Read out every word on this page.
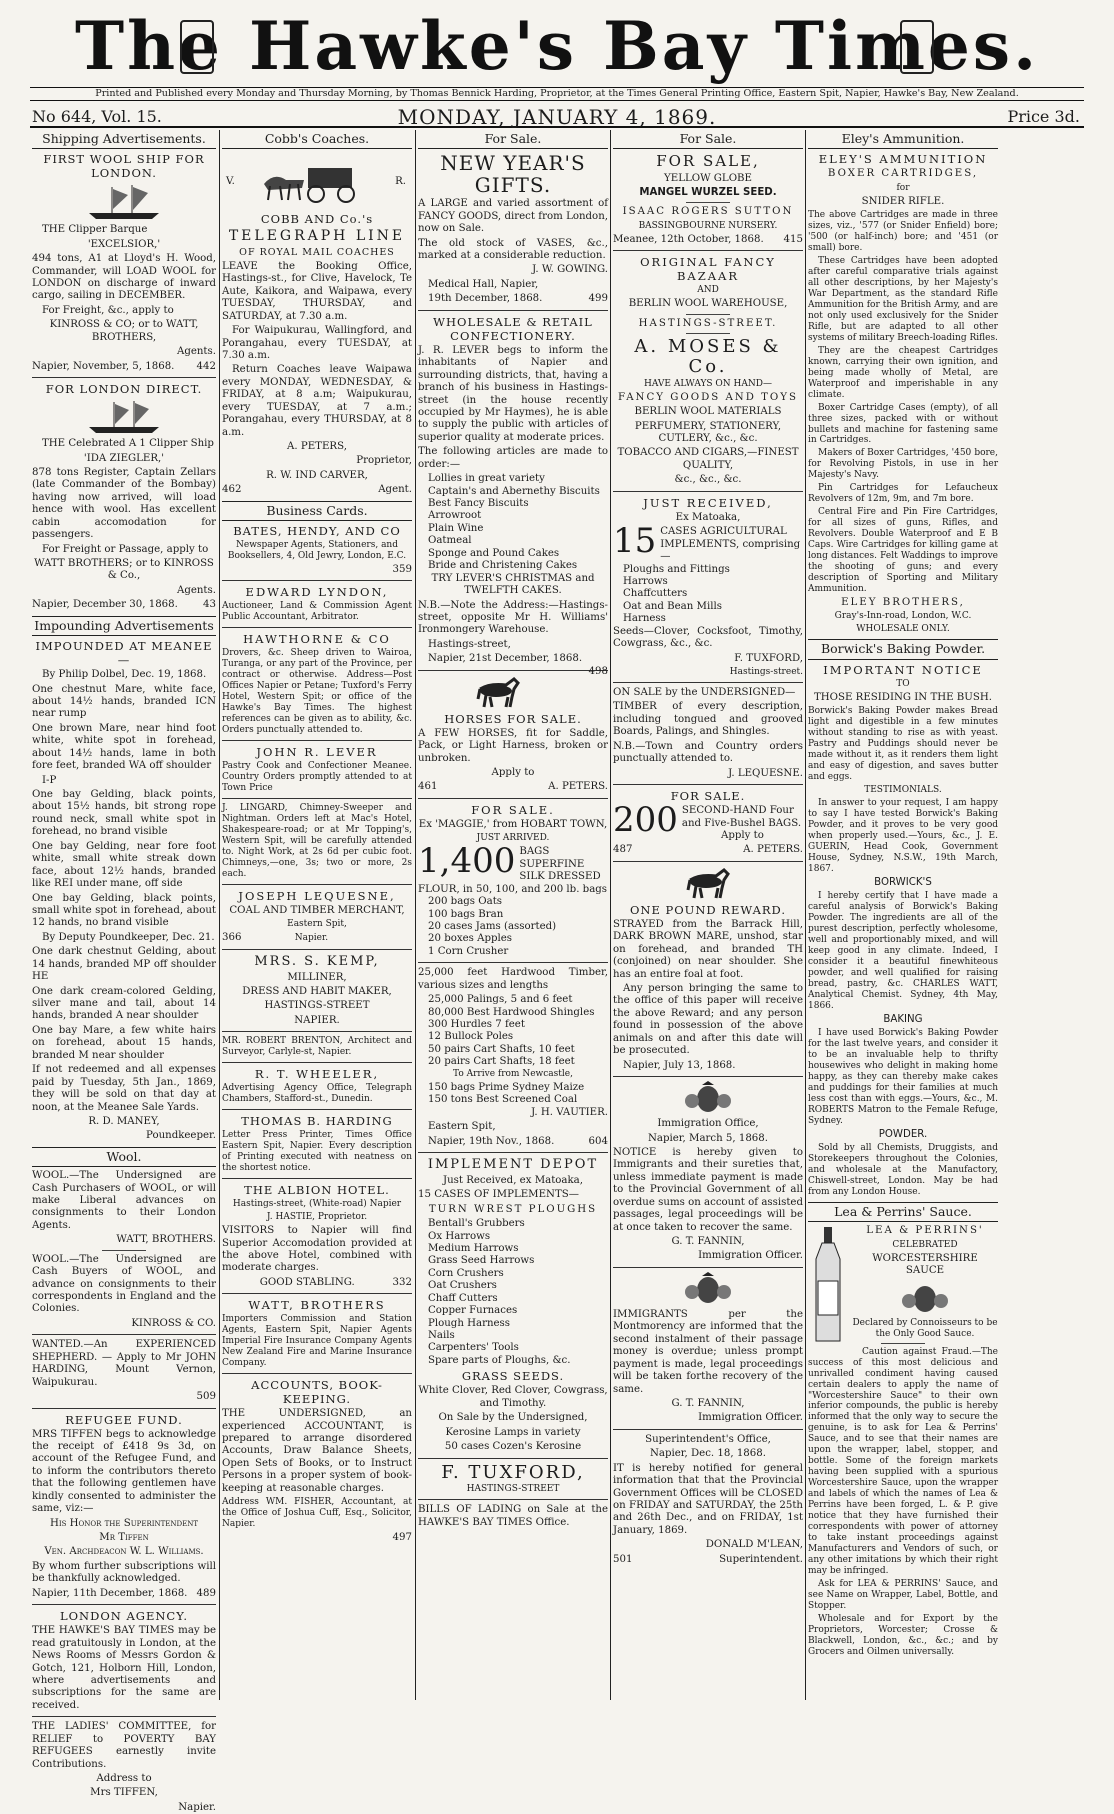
The Hawke's Bay Times.
Printed and Published every Monday and Thursday Morning, by Thomas Bennick Harding, Proprietor, at the Times General Printing Office, Eastern Spit, Napier, Hawke's Bay, New Zealand.
No 644, Vol. 15.	MONDAY, JANUARY 4, 1869.	Price 3d.
Shipping Advertisements.
FIRST WOOL SHIP FOR LONDON.

THE Clipper Barque

'EXCELSIOR,'

494 tons, A1 at Lloyd's H. Wood, Commander, will LOAD WOOL for LONDON on discharge of inward cargo, sailing in DECEMBER.

For Freight, &c., apply to

KINROSS & CO; or to WATT, BROTHERS,

Agents.

Napier, November, 5, 1868. 442

FOR LONDON DIRECT.

THE Celebrated A 1 Clipper Ship

'IDA ZIEGLER,'

878 tons Register, Captain Zellars (late Commander of the Bombay) having now arrived, will load hence with wool. Has excellent cabin accomodation for passengers.

For Freight or Passage, apply to

WATT BROTHERS; or to KINROSS & Co.,

Agents.

Napier, December 30, 1868. 43

Impounding Advertisements
IMPOUNDED AT MEANEE—

By Philip Dolbel, Dec. 19, 1868.

One chestnut Mare, white face, about 14½ hands, branded ICN near rump

One brown Mare, near hind foot white, white spot in forehead, about 14½ hands, lame in both fore feet, branded WA off shoulder

I-P

One bay Gelding, black points, about 15½ hands, bit strong rope round neck, small white spot in forehead, no brand visible

One bay Gelding, near fore foot white, small white streak down face, about 12½ hands, branded like REI under mane, off side

One bay Gelding, black points, small white spot in forehead, about 12 hands, no brand visible

By Deputy Poundkeeper, Dec. 21.

One dark chestnut Gelding, about 14 hands, branded MP off shoulder HE

One dark cream-colored Gelding, silver mane and tail, about 14 hands, branded A near shoulder

One bay Mare, a few white hairs on forehead, about 15 hands, branded M near shoulder

If not redeemed and all expenses paid by Tuesday, 5th Jan., 1869, they will be sold on that day at noon, at the Meanee Sale Yards.

R. D. MANEY,

Poundkeeper.

Wool.

WOOL.—The Undersigned are Cash Purchasers of WOOL, or will make Liberal advances on consignments to their London Agents.

WATT, BROTHERS.

WOOL.—The Undersigned are Cash Buyers of WOOL, and advance on consignments to their correspondents in England and the Colonies.

KINROSS & CO.

WANTED.—An EXPERIENCED SHEPHERD. — Apply to Mr JOHN HARDING, Mount Vernon, Waipukurau.

509

REFUGEE FUND.

MRS TIFFEN begs to acknowledge the receipt of £418 9s 3d, on account of the Refugee Fund, and to inform the contributors thereto that the following gentlemen have kindly consented to administer the same, viz:—

His Honor the Superintendent

Mr Tiffen

Ven. Archdeacon W. L. Williams.

By whom further subscriptions will be thankfully acknowledged.

Napier, 11th December, 1868. 489

LONDON AGENCY.

THE HAWKE'S BAY TIMES may be read gratuitously in London, at the News Rooms of Messrs Gordon & Gotch, 121, Holborn Hill, London, where advertisements and subscriptions for the same are received.

THE LADIES' COMMITTEE, for RELIEF to POVERTY BAY REFUGEES earnestly invite Contributions.

Address to

Mrs TIFFEN,

Napier.

Cobb's Coaches.
V.	R.
COBB AND Co.'s
TELEGRAPH LINE
OF ROYAL MAIL COACHES

LEAVE the Booking Office, Hastings-st., for Clive, Havelock, Te Aute, Kaikora, and Waipawa, every TUESDAY, THURSDAY, and SATURDAY, at 7.30 a.m.

For Waipukurau, Wallingford, and Porangahau, every TUESDAY, at 7.30 a.m.

Return Coaches leave Waipawa every MONDAY, WEDNESDAY, & FRIDAY, at 8 a.m; Waipukurau, every TUESDAY, at 7 a.m.; Porangahau, every THURSDAY, at 8 a.m.

A. PETERS,

Proprietor,

R. W. IND CARVER,

462	Agent.

Business Cards.
BATES, HENDY, AND CO

Newspaper Agents, Stationers, and Booksellers, 4, Old Jewry, London, E.C.

359

EDWARD LYNDON,

Auctioneer, Land & Commission Agent Public Accountant, Arbitrator.

HAWTHORNE & CO

Drovers, &c. Sheep driven to Wairoa, Turanga, or any part of the Province, per contract or otherwise. Address—Post Offices Napier or Petane; Tuxford's Ferry Hotel, Western Spit; or office of the Hawke's Bay Times. The highest references can be given as to ability, &c. Orders punctually attended to.

JOHN R. LEVER

Pastry Cook and Confectioner Meanee. Country Orders promptly attended to at Town Price

J. LINGARD, Chimney-Sweeper and Nightman. Orders left at Mac's Hotel, Shakespeare-road; or at Mr Topping's, Western Spit, will be carefully attended to. Night Work, at 2s 6d per cubic foot. Chimneys,—one, 3s; two or more, 2s each.

JOSEPH LEQUESNE,

COAL AND TIMBER MERCHANT,

Eastern Spit,

366	Napier.

MRS. S. KEMP,

MILLINER,

DRESS AND HABIT MAKER,

HASTINGS-STREET

NAPIER.

MR. ROBERT BRENTON, Architect and Surveyor, Carlyle-st, Napier.

R. T. WHEELER,

Advertising Agency Office, Telegraph Chambers, Stafford-st., Dunedin.

THOMAS B. HARDING

Letter Press Printer, Times Office Eastern Spit, Napier. Every description of Printing executed with neatness on the shortest notice.

THE ALBION HOTEL.

Hastings-street, (White-road) Napier

J. HASTIE, Proprietor.

VISITORS to Napier will find Superior Accomodation provided at the above Hotel, combined with moderate charges.

GOOD STABLING.	332

WATT, BROTHERS

Importers Commission and Station Agents, Eastern Spit, Napier Agents Imperial Fire Insurance Company Agents New Zealand Fire and Marine Insurance Company.

ACCOUNTS, BOOK-KEEPING.

THE UNDERSIGNED, an experienced ACCOUNTANT, is prepared to arrange disordered Accounts, Draw Balance Sheets, Open Sets of Books, or to Instruct Persons in a proper system of book-keeping at reasonable charges.

Address WM. FISHER, Accountant, at the Office of Joshua Cuff, Esq., Solicitor, Napier.

497

For Sale.
NEW YEAR'S GIFTS.

A LARGE and varied assortment of FANCY GOODS, direct from London, now on Sale.

The old stock of VASES, &c., marked at a considerable reduction.

J. W. GOWING.

Medical Hall, Napier,

19th December, 1868.	499

WHOLESALE & RETAIL CONFECTIONERY.

J. R. LEVER begs to inform the inhabitants of Napier and surrounding districts, that, having a branch of his business in Hastings-street (in the house recently occupied by Mr Haymes), he is able to supply the public with articles of superior quality at moderate prices.

The following articles are made to order:—

Lollies in great variety
Captain's and Abernethy Biscuits
Best Fancy Biscuits
Arrowroot
Plain Wine
Oatmeal
Sponge and Pound Cakes
Bride and Christening Cakes

TRY LEVER'S CHRISTMAS and TWELFTH CAKES.

N.B.—Note the Address:—Hastings-street, opposite Mr H. Williams' Ironmongery Warehouse.

Hastings-street,

Napier, 21st December, 1868.
498

HORSES FOR SALE.

A FEW HORSES, fit for Saddle, Pack, or Light Harness, broken or unbroken.

Apply to

461	A. PETERS.

FOR SALE.

Ex 'MAGGIE,' from HOBART TOWN,

JUST ARRIVED.

1,400 BAGS SUPERFINE SILK DRESSED FLOUR, in 50, 100, and 200 lb. bags
200 bags Oats
100 bags Bran
20 cases Jams (assorted)
20 boxes Apples
1 Corn Crusher

25,000 feet Hardwood Timber, various sizes and lengths

25,000 Palings, 5 and 6 feet
80,000 Best Hardwood Shingles
300 Hurdles 7 feet
12 Bullock Poles
50 pairs Cart Shafts, 10 feet
20 pairs Cart Shafts, 18 feet

To Arrive from Newcastle,

150 bags Prime Sydney Maize
150 tons Best Screened Coal

J. H. VAUTIER.

Eastern Spit,

Napier, 19th Nov., 1868.	604

IMPLEMENT DEPOT

Just Received, ex Matoaka,

15 CASES OF IMPLEMENTS—

TURN WREST PLOUGHS

Bentall's Grubbers
Ox Harrows
Medium Harrows
Grass Seed Harrows
Corn Crushers
Oat Crushers
Chaff Cutters
Copper Furnaces
Plough Harness
Nails
Carpenters' Tools
Spare parts of Ploughs, &c.
GRASS SEEDS.

White Clover, Red Clover, Cowgrass, and Timothy.

On Sale by the Undersigned,

Kerosine Lamps in variety

50 cases Cozen's Kerosine

F. TUXFORD,

HASTINGS-STREET

BILLS OF LADING on Sale at the HAWKE'S BAY TIMES Office.

For Sale.
FOR SALE,

YELLOW GLOBE

MANGEL WURZEL SEED.

ISAAC ROGERS SUTTON

BASSINGBOURNE NURSERY.

Meanee, 12th October, 1868. 415

ORIGINAL FANCY BAZAAR

AND

BERLIN WOOL WAREHOUSE,

HASTINGS-STREET.

A. MOSES & Co.

HAVE ALWAYS ON HAND—

FANCY GOODS AND TOYS

BERLIN WOOL MATERIALS

PERFUMERY, STATIONERY, CUTLERY, &c., &c.

TOBACCO AND CIGARS,—FINEST QUALITY,

&c., &c., &c.

JUST RECEIVED,

Ex Matoaka,

15 CASES AGRICULTURAL IMPLEMENTS, comprising—
Ploughs and Fittings
Harrows
Chaffcutters
Oat and Bean Mills
Harness

Seeds—Clover, Cocksfoot, Timothy, Cowgrass, &c., &c.

F. TUXFORD,

Hastings-street.

ON SALE by the UNDERSIGNED—

TIMBER of every description, including tongued and grooved Boards, Palings, and Shingles.

N.B.—Town and Country orders punctually attended to.

J. LEQUESNE.

FOR SALE.
200 SECOND-HAND Four and Five-Bushel BAGS.

Apply to

487	A. PETERS.

ONE POUND REWARD.

STRAYED from the Barrack Hill, DARK BROWN MARE, unshod, star on forehead, and branded TH (conjoined) on near shoulder. She has an entire foal at foot.

Any person bringing the same to the office of this paper will receive the above Reward; and any person found in possession of the above animals on and after this date will be prosecuted.

Napier, July 13, 1868.

Immigration Office,

Napier, March 5, 1868.

NOTICE is hereby given to Immigrants and their sureties that, unless immediate payment is made to the Provincial Government of all overdue sums on account of assisted passages, legal proceedings will be at once taken to recover the same.

G. T. FANNIN,

Immigration Officer.

IMMIGRANTS per the Montmorency are informed that the second instalment of their passage money is overdue; unless prompt payment is made, legal proceedings will be taken forthe recovery of the same.

G. T. FANNIN,

Immigration Officer.

Superintendent's Office,

Napier, Dec. 18, 1868.

IT is hereby notified for general information that that the Provincial Government Offices will be CLOSED on FRIDAY and SATURDAY, the 25th and 26th Dec., and on FRIDAY, 1st January, 1869.

DONALD M'LEAN,

501	Superintendent.

Eley's Ammunition.
ELEY'S AMMUNITION

BOXER CARTRIDGES,

for

SNIDER RIFLE.

The above Cartridges are made in three sizes, viz., '577 (or Snider Enfield) bore; '500 (or half-inch) bore; and '451 (or small) bore.

These Cartridges have been adopted after careful comparative trials against all other descriptions, by her Majesty's War Department, as the standard Rifle Ammunition for the British Army, and are not only used exclusively for the Snider Rifle, but are adapted to all other systems of military Breech-loading Rifles.

They are the cheapest Cartridges known, carrying their own ignition, and being made wholly of Metal, are Waterproof and imperishable in any climate.

Boxer Cartridge Cases (empty), of all three sizes, packed with or without bullets and machine for fastening same in Cartridges.

Makers of Boxer Cartridges, '450 bore, for Revolving Pistols, in use in her Majesty's Navy.

Pin Cartridges for Lefaucheux Revolvers of 12m, 9m, and 7m bore.

Central Fire and Pin Fire Cartridges, for all sizes of guns, Rifles, and Revolvers. Double Waterproof and E B Caps. Wire Cartridges for killing game at long distances. Felt Waddings to improve the shooting of guns; and every description of Sporting and Military Ammunition.

ELEY BROTHERS,

Gray's-Inn-road, London, W.C.

WHOLESALE ONLY.

Borwick's Baking Powder.
IMPORTANT NOTICE

TO

THOSE RESIDING IN THE BUSH.

Borwick's Baking Powder makes Bread light and digestible in a few minutes without standing to rise as with yeast. Pastry and Puddings should never be made without it, as it renders them light and easy of digestion, and saves butter and eggs.

TESTIMONIALS.

In answer to your request, I am happy to say I have tested Borwick's Baking Powder, and it proves to be very good when properly used.—Yours, &c., J. E. GUERIN, Head Cook, Government House, Sydney, N.S.W., 19th March, 1867.

BORWICK'S

I hereby certify that I have made a careful analysis of Borwick's Baking Powder. The ingredients are all of the purest description, perfectly wholesome, well and proportionably mixed, and will keep good in any climate. Indeed, I consider it a beautiful finewhiteous powder, and well qualified for raising bread, pastry, &c. CHARLES WATT, Analytical Chemist. Sydney, 4th May, 1866.

BAKING

I have used Borwick's Baking Powder for the last twelve years, and consider it to be an invaluable help to thrifty housewives who delight in making home happy, as they can thereby make cakes and puddings for their families at much less cost than with eggs.—Yours, &c., M. ROBERTS Matron to the Female Refuge, Sydney.

POWDER.

Sold by all Chemists, Druggists, and Storekeepers throughout the Colonies, and wholesale at the Manufactory, Chiswell-street, London. May be had from any London House.

Lea & Perrins' Sauce.

LEA & PERRINS'

CELEBRATED

WORCESTERSHIRE SAUCE

Declared by Connoisseurs to be the Only Good Sauce.

Caution against Fraud.—The success of this most delicious and unrivalled condiment having caused certain dealers to apply the name of "Worcestershire Sauce" to their own inferior compounds, the public is hereby informed that the only way to secure the genuine, is to ask for Lea & Perrins' Sauce, and to see that their names are upon the wrapper, label, stopper, and bottle. Some of the foreign markets having been supplied with a spurious Worcestershire Sauce, upon the wrapper and labels of which the names of Lea & Perrins have been forged, L. & P. give notice that they have furnished their correspondents with power of attorney to take instant proceedings against Manufacturers and Vendors of such, or any other imitations by which their right may be infringed.

Ask for LEA & PERRINS' Sauce, and see Name on Wrapper, Label, Bottle, and Stopper.

Wholesale and for Export by the Proprietors, Worcester; Crosse & Blackwell, London, &c., &c.; and by Grocers and Oilmen universally.
